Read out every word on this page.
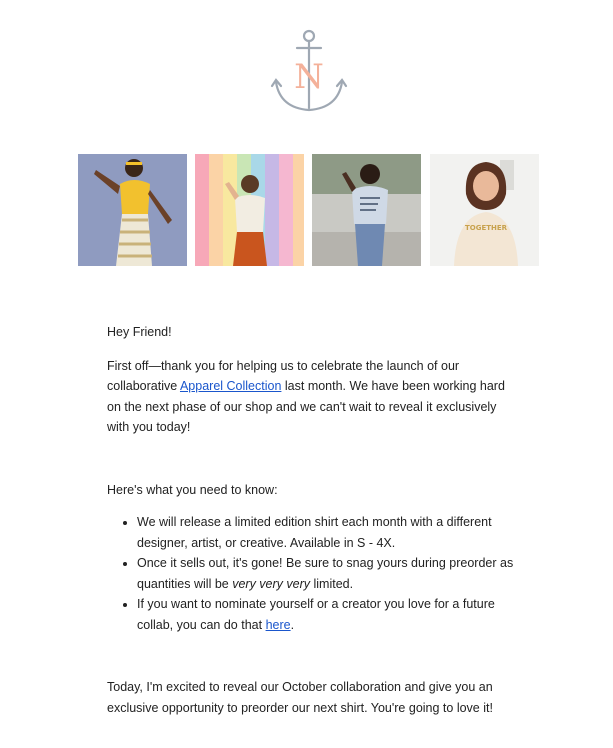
N
TOGETHER

Hey Friend!

First off—thank you for helping us to celebrate the launch of our collaborative Apparel Collection last month. We have been working hard on the next phase of our shop and we can't wait to reveal it exclusively with you today!

Here's what you need to know:

• We will release a limited edition shirt each month with a different designer, artist, or creative. Available in S - 4X.
• Once it sells out, it's gone! Be sure to snag yours during preorder as quantities will be very very very limited.
• If you want to nominate yourself or a creator you love for a future collab, you can do that here.

Today, I'm excited to reveal our October collaboration and give you an exclusive opportunity to preorder our next shirt. You're going to love it!
